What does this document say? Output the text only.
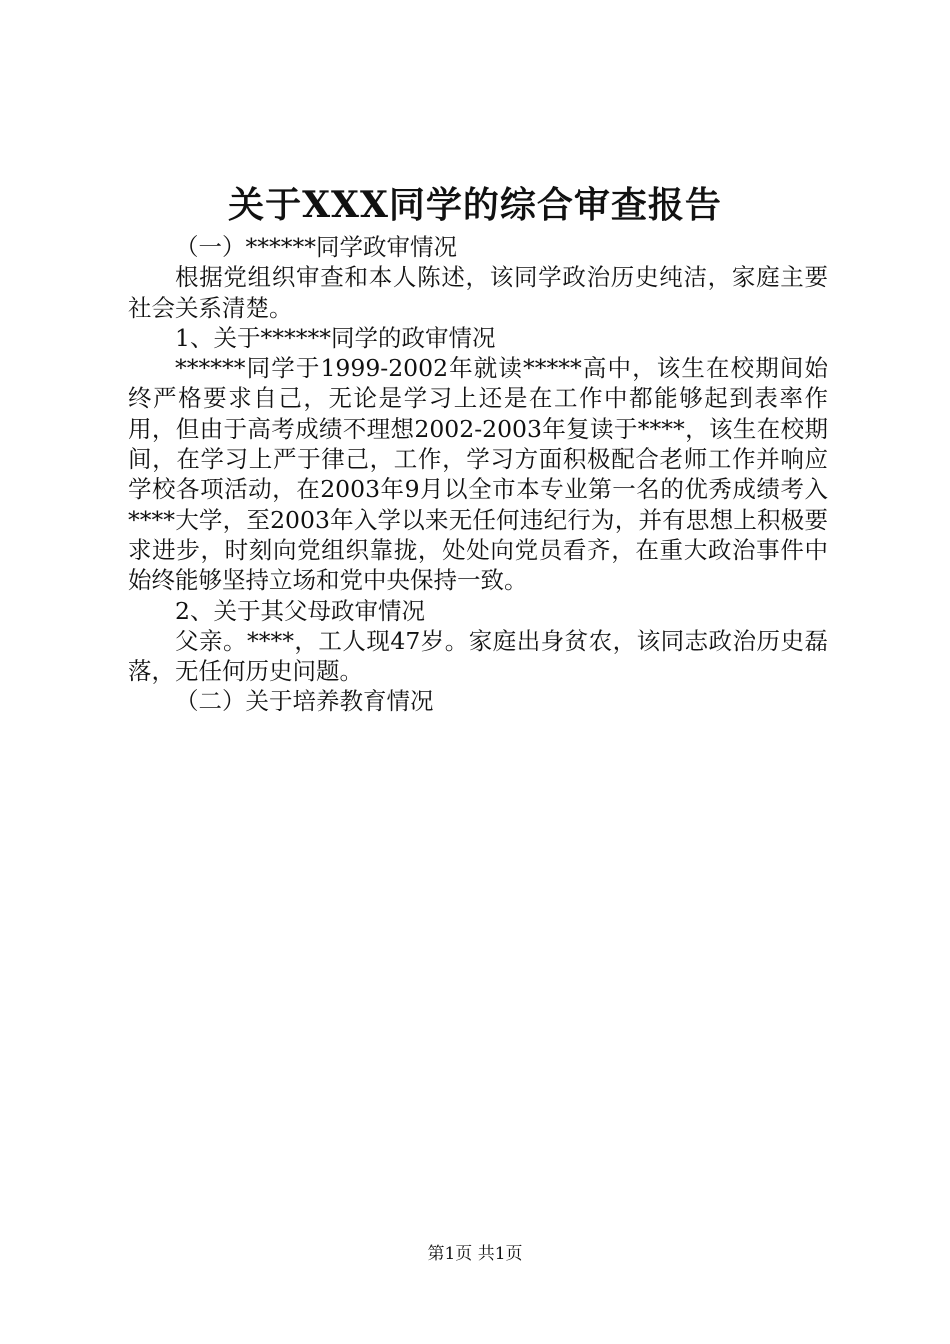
关于XXX同学的综合审查报告

（一）******同学政审情况

根据党组织审查和本人陈述，该同学政治历史纯洁，家庭主要社会关系清楚。

1、关于******同学的政审情况

******同学于1999-2002年就读*****高中，该生在校期间始终严格要求自己，无论是学习上还是在工作中都能够起到表率作用，但由于高考成绩不理想2002-2003年复读于****，该生在校期间，在学习上严于律己，工作，学习方面积极配合老师工作并响应学校各项活动，在2003年9月以全市本专业第一名的优秀成绩考入****大学，至2003年入学以来无任何违纪行为，并有思想上积极要求进步，时刻向党组织靠拢，处处向党员看齐，在重大政治事件中始终能够坚持立场和党中央保持一致。

2、关于其父母政审情况

父亲。****，工人现47岁。家庭出身贫农，该同志政治历史磊落，无任何历史问题。

（二）关于培养教育情况

第1页 共1页
